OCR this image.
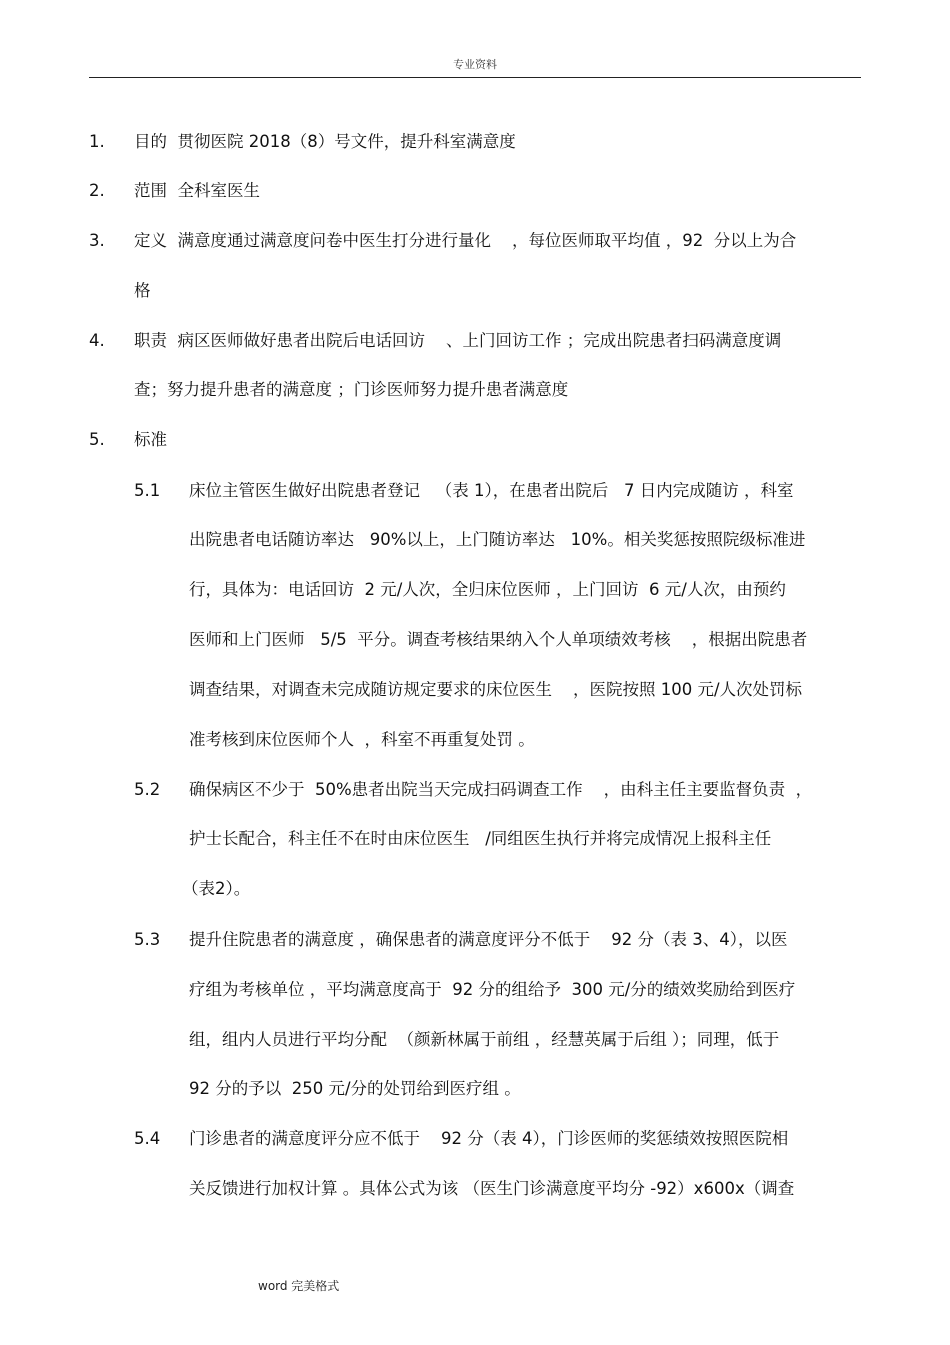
专业资料
1. 目的  贯彻医院 2018（8）号文件，提升科室满意度
2. 范围  全科室医生
3. 定义  满意度通过满意度问卷中医生打分进行量化    ，每位医师取平均值 ，92  分以上为合
格
4. 职责  病区医师做好患者出院后电话回访    、上门回访工作 ；完成出院患者扫码满意度调
查；努力提升患者的满意度 ；门诊医师努力提升患者满意度
5. 标准
5.1 床位主管医生做好出院患者登记   （表 1），在患者出院后   7 日内完成随访 ，科室
出院患者电话随访率达   90%以上，上门随访率达   10%。相关奖惩按照院级标准进
行，具体为：电话回访  2 元/人次，全归床位医师 ，上门回访  6 元/人次，由预约
医师和上门医师   5/5  平分。调查考核结果纳入个人单项绩效考核    ，根据出院患者
调查结果，对调查未完成随访规定要求的床位医生    ，医院按照 100 元/人次处罚标
准考核到床位医师个人  ，科室不再重复处罚 。
5.2 确保病区不少于  50%患者出院当天完成扫码调查工作    ，由科主任主要监督负责  ，
护士长配合，科主任不在时由床位医生   /同组医生执行并将完成情况上报科主任
（表2）。
5.3 提升住院患者的满意度 ，确保患者的满意度评分不低于    92 分（表 3、4），以医
疗组为考核单位 ，平均满意度高于  92 分的组给予  300 元/分的绩效奖励给到医疗
组，组内人员进行平均分配  （颜新林属于前组 ，经慧英属于后组 ）；同理，低于
92 分的予以  250 元/分的处罚给到医疗组 。
5.4 门诊患者的满意度评分应不低于    92 分（表 4），门诊医师的奖惩绩效按照医院相
关反馈进行加权计算 。具体公式为该 （医生门诊满意度平均分 -92）x600x（调查
word 完美格式
